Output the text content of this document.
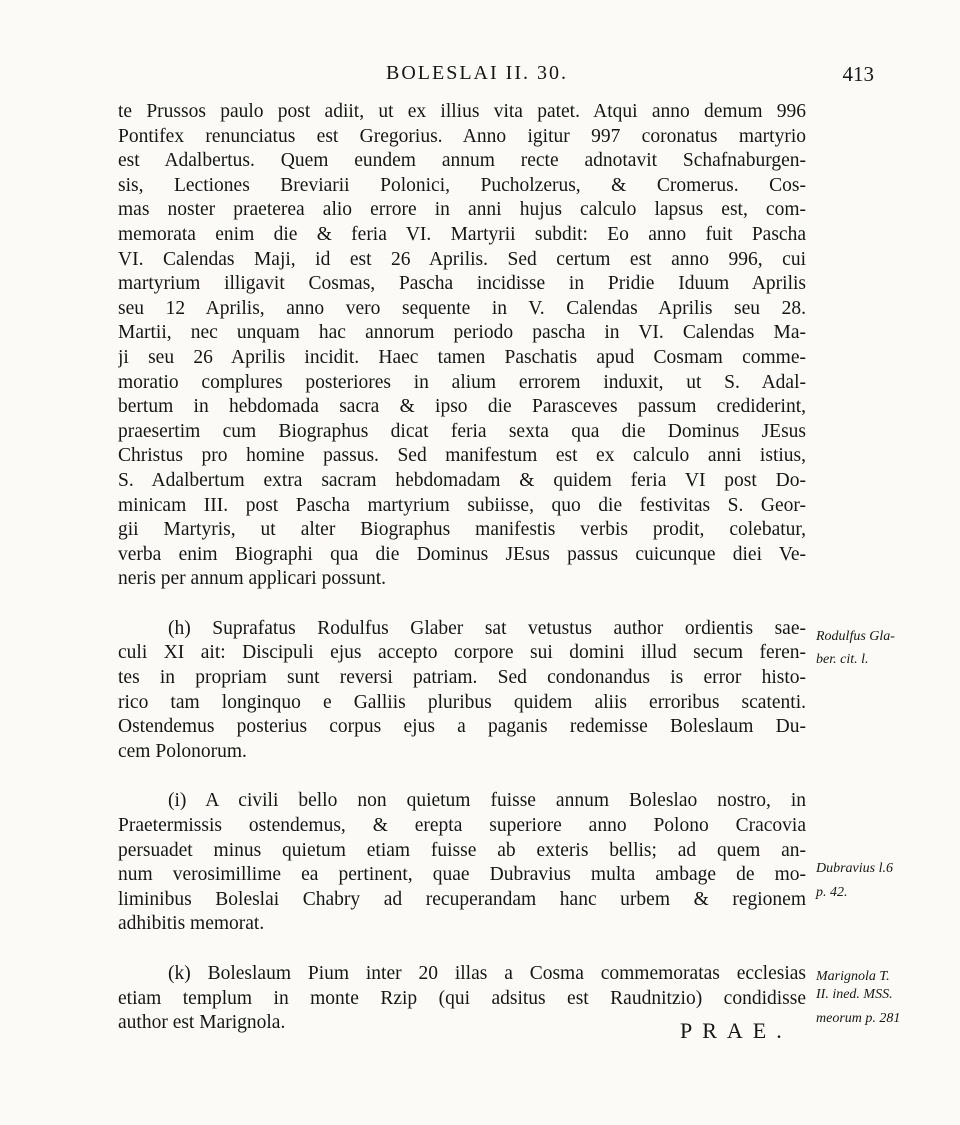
BOLESLAI II. 30.	413
te Prussos paulo post adiit, ut ex illius vita patet. Atqui anno demum 996
Pontifex renunciatus est Gregorius. Anno igitur 997 coronatus martyrio
est Adalbertus. Quem eundem annum recte adnotavit Schafnaburgen-
sis, Lectiones Breviarii Polonici, Pucholzerus, & Cromerus. Cos-
mas noster praeterea alio errore in anni hujus calculo lapsus est, com-
memorata enim die & feria VI. Martyrii subdit: Eo anno fuit Pascha
VI. Calendas Maji, id est 26 Aprilis. Sed certum est anno 996, cui
martyrium illigavit Cosmas, Pascha incidisse in Pridie Iduum Aprilis
seu 12 Aprilis, anno vero sequente in V. Calendas Aprilis seu 28.
Martii, nec unquam hac annorum periodo pascha in VI. Calendas Ma-
ji seu 26 Aprilis incidit. Haec tamen Paschatis apud Cosmam comme-
moratio complures posteriores in alium errorem induxit, ut S. Adal-
bertum in hebdomada sacra & ipso die Parasceves passum crediderint,
praesertim cum Biographus dicat feria sexta qua die Dominus JEsus
Christus pro homine passus. Sed manifestum est ex calculo anni istius,
S. Adalbertum extra sacram hebdomadam & quidem feria VI post Do-
minicam III. post Pascha martyrium subiisse, quo die festivitas S. Geor-
gii Martyris, ut alter Biographus manifestis verbis prodit, colebatur,
verba enim Biographi qua die Dominus JEsus passus cuicunque diei Ve-
neris per annum applicari possunt.
(h) Suprafatus Rodulfus Glaber sat vetustus author ordientis sae-
culi XI ait: Discipuli ejus accepto corpore sui domini illud secum feren-
tes in propriam sunt reversi patriam. Sed condonandus is error histo-
rico tam longinquo e Galliis pluribus quidem aliis erroribus scatenti.
Ostendemus posterius corpus ejus a paganis redemisse Boleslaum Du-
cem Polonorum.
(i) A civili bello non quietum fuisse annum Boleslao nostro, in
Praetermissis ostendemus, & erepta superiore anno Polono Cracovia
persuadet minus quietum etiam fuisse ab exteris bellis; ad quem an-
num verosimillime ea pertinent, quae Dubravius multa ambage de mo-
liminibus Boleslai Chabry ad recuperandam hanc urbem & regionem
adhibitis memorat.
(k) Boleslaum Pium inter 20 illas a Cosma commemoratas ecclesias
etiam templum in monte Rzip (qui adsitus est Raudnitzio) condidisse
author est Marignola.
Rodulfus Gla-
ber. cit. l.
Dubravius l.6
p. 42.
Marignola T.
II. ined. MSS.
meorum p. 281
PRAE.
